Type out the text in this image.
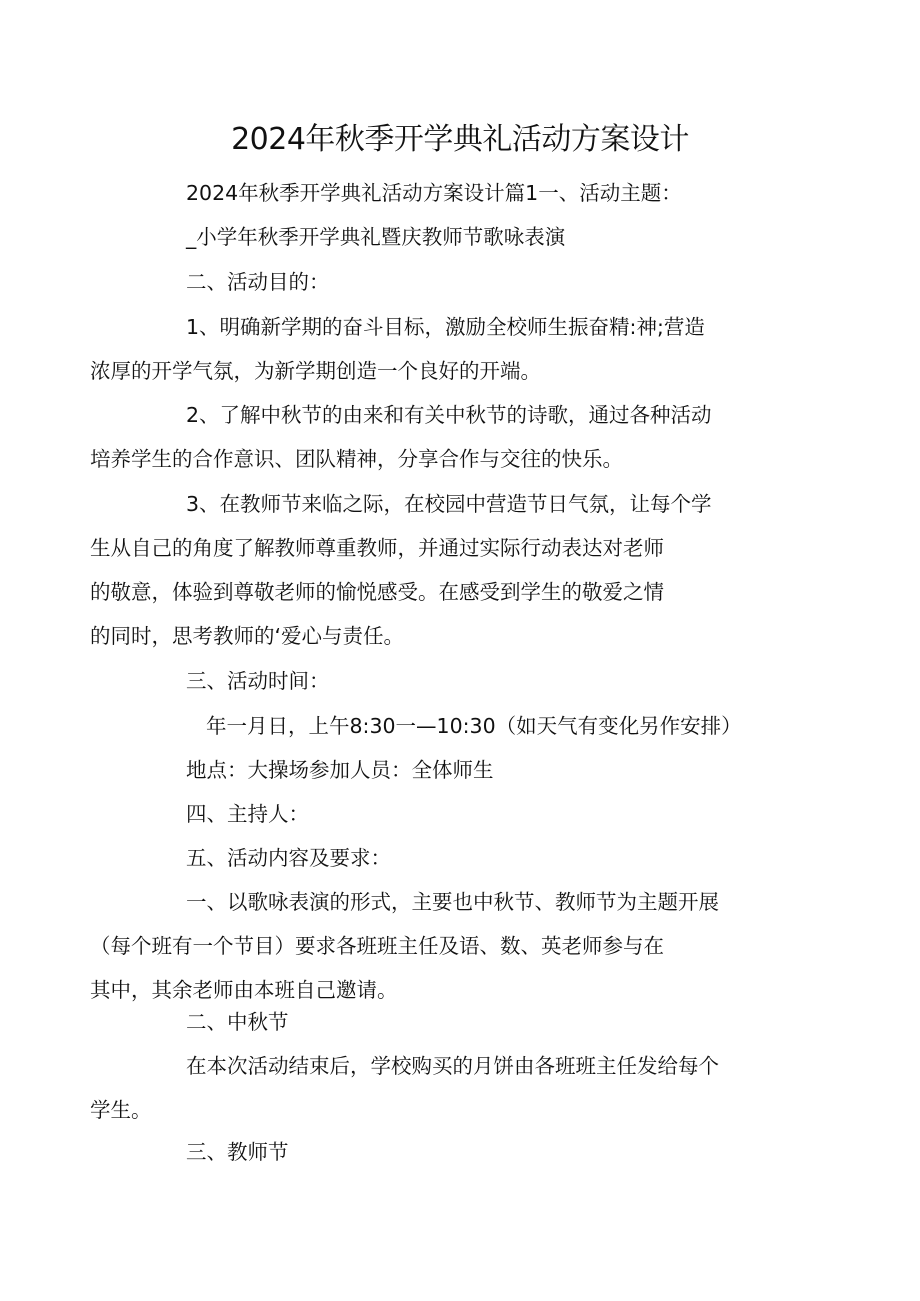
2024年秋季开学典礼活动方案设计

2024年秋季开学典礼活动方案设计篇1一、活动主题：

_小学年秋季开学典礼暨庆教师节歌咏表演

二、活动目的：

1、明确新学期的奋斗目标，激励全校师生振奋精:神;营造
浓厚的开学气氛，为新学期创造一个良好的开端。

2、了解中秋节的由来和有关中秋节的诗歌，通过各种活动
培养学生的合作意识、团队精神，分享合作与交往的快乐。

3、在教师节来临之际，在校园中营造节日气氛，让每个学
生从自己的角度了解教师尊重教师，并通过实际行动表达对老师
的敬意，体验到尊敬老师的愉悦感受。在感受到学生的敬爱之情
的同时，思考教师的‘爱心与责任。

三、活动时间：

年一月日，上午8:30一—10:30（如天气有变化另作安排）

地点：大操场参加人员：全体师生

四、主持人：

五、活动内容及要求：

一、以歌咏表演的形式，主要也中秋节、教师节为主题开展
（每个班有一个节目）要求各班班主任及语、数、英老师参与在
其中，其余老师由本班自己邀请。

二、中秋节

在本次活动结束后，学校购买的月饼由各班班主任发给每个
学生。

三、教师节
